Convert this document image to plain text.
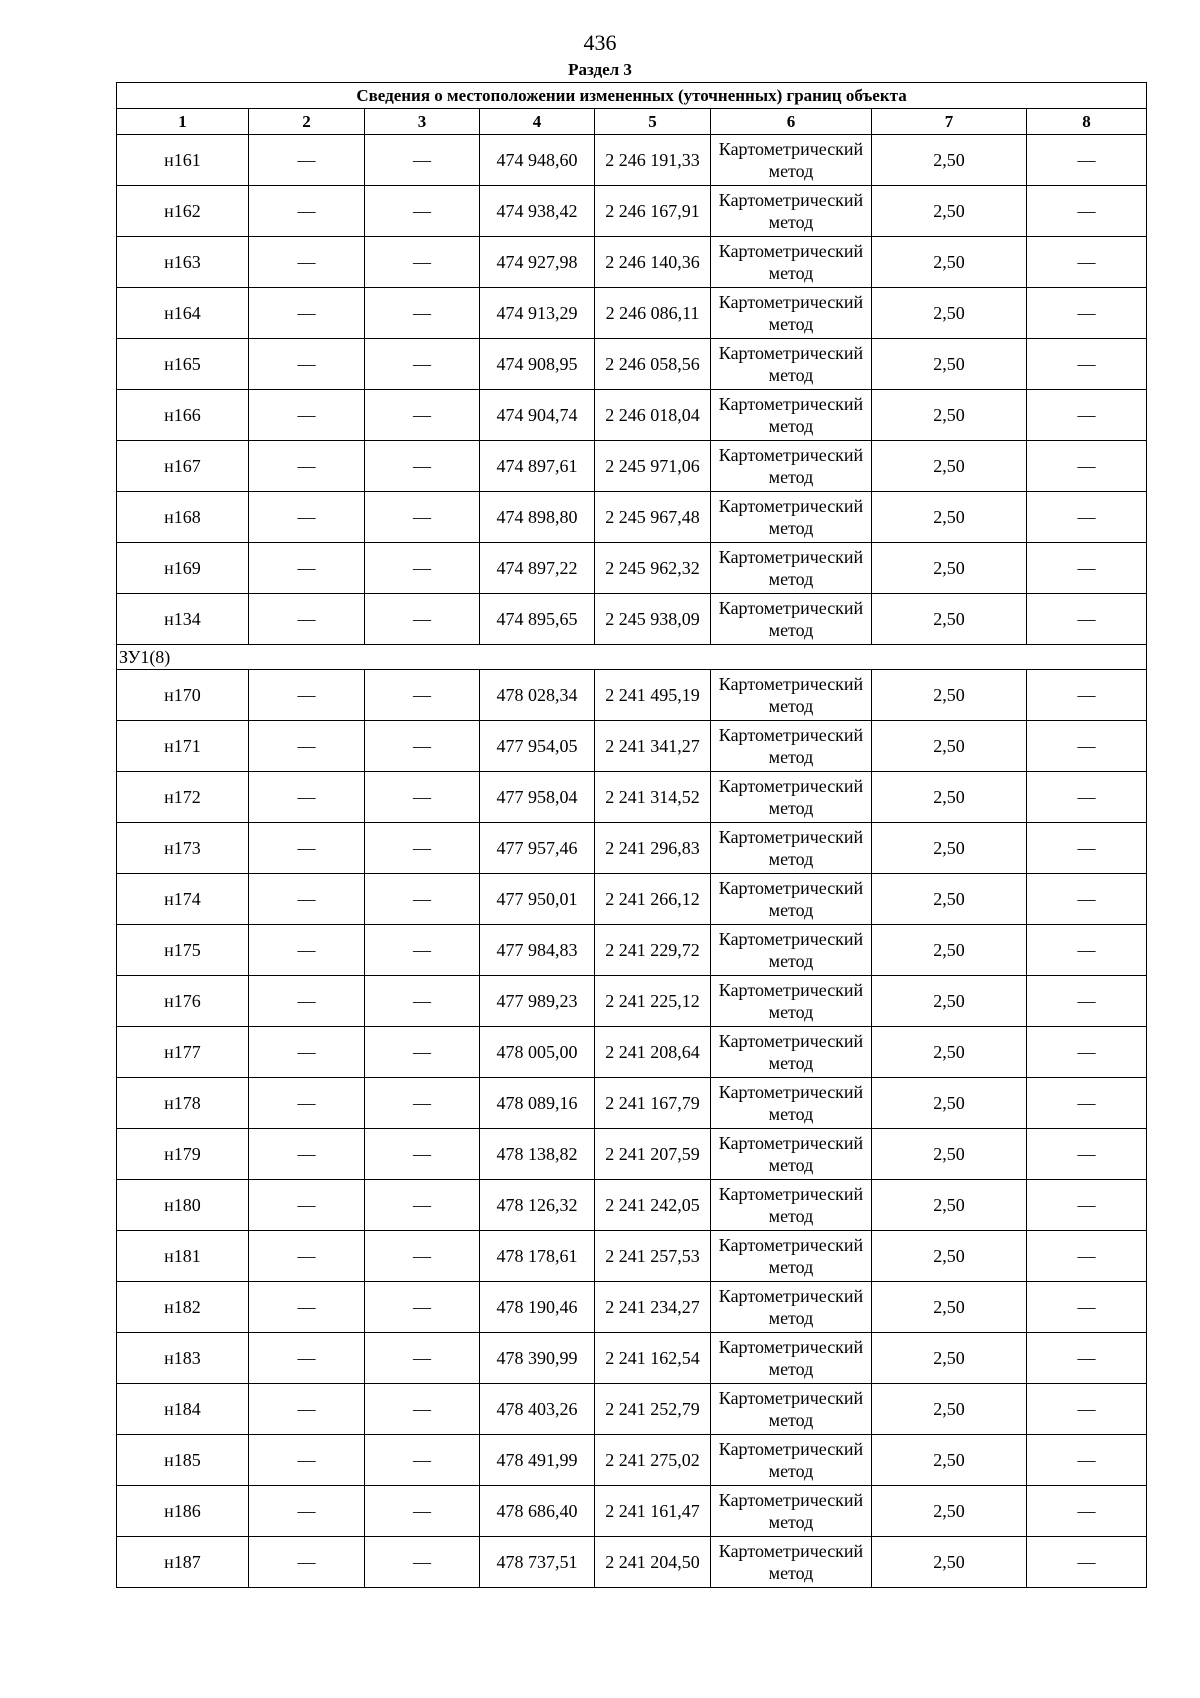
436
Раздел 3
Сведения о местоположении измененных (уточненных) границ объекта							
1	2	3	4	5	6	7	8
н161	—	—	474 948,60	2 246 191,33	Картометрический метод	2,50	—
н162	—	—	474 938,42	2 246 167,91	Картометрический метод	2,50	—
н163	—	—	474 927,98	2 246 140,36	Картометрический метод	2,50	—
н164	—	—	474 913,29	2 246 086,11	Картометрический метод	2,50	—
н165	—	—	474 908,95	2 246 058,56	Картометрический метод	2,50	—
н166	—	—	474 904,74	2 246 018,04	Картометрический метод	2,50	—
н167	—	—	474 897,61	2 245 971,06	Картометрический метод	2,50	—
н168	—	—	474 898,80	2 245 967,48	Картометрический метод	2,50	—
н169	—	—	474 897,22	2 245 962,32	Картометрический метод	2,50	—
н134	—	—	474 895,65	2 245 938,09	Картометрический метод	2,50	—
ЗУ1(8)							
н170	—	—	478 028,34	2 241 495,19	Картометрический метод	2,50	—
н171	—	—	477 954,05	2 241 341,27	Картометрический метод	2,50	—
н172	—	—	477 958,04	2 241 314,52	Картометрический метод	2,50	—
н173	—	—	477 957,46	2 241 296,83	Картометрический метод	2,50	—
н174	—	—	477 950,01	2 241 266,12	Картометрический метод	2,50	—
н175	—	—	477 984,83	2 241 229,72	Картометрический метод	2,50	—
н176	—	—	477 989,23	2 241 225,12	Картометрический метод	2,50	—
н177	—	—	478 005,00	2 241 208,64	Картометрический метод	2,50	—
н178	—	—	478 089,16	2 241 167,79	Картометрический метод	2,50	—
н179	—	—	478 138,82	2 241 207,59	Картометрический метод	2,50	—
н180	—	—	478 126,32	2 241 242,05	Картометрический метод	2,50	—
н181	—	—	478 178,61	2 241 257,53	Картометрический метод	2,50	—
н182	—	—	478 190,46	2 241 234,27	Картометрический метод	2,50	—
н183	—	—	478 390,99	2 241 162,54	Картометрический метод	2,50	—
н184	—	—	478 403,26	2 241 252,79	Картометрический метод	2,50	—
н185	—	—	478 491,99	2 241 275,02	Картометрический метод	2,50	—
н186	—	—	478 686,40	2 241 161,47	Картометрический метод	2,50	—
н187	—	—	478 737,51	2 241 204,50	Картометрический метод	2,50	—
